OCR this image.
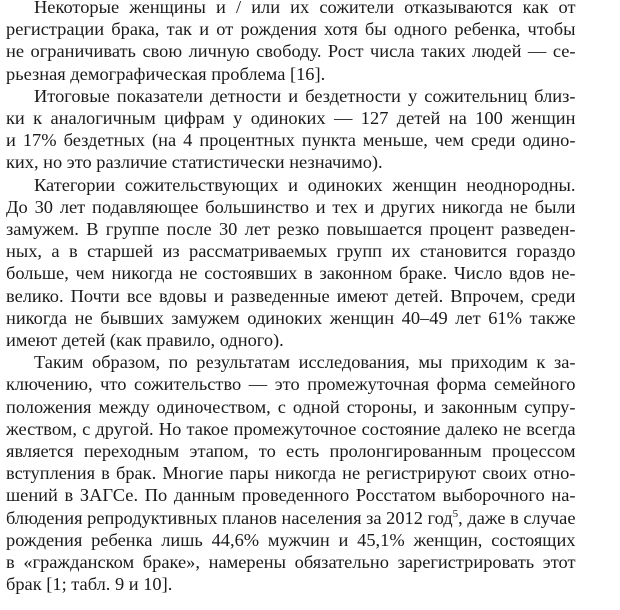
Некоторые женщины и / или их сожители отказываются как от
регистрации брака, так и от рождения хотя бы одного ребенка, чтобы
не ограничивать свою личную свободу. Рост числа таких людей — се-
рьезная демографическая проблема [16].

Итоговые показатели детности и бездетности у сожительниц близ-
ки к аналогичным цифрам у одиноких — 127 детей на 100 женщин
и 17% бездетных (на 4 процентных пункта меньше, чем среди одино-
ких, но это различие статистически незначимо).

Категории сожительствующих и одиноких женщин неоднородны.
До 30 лет подавляющее большинство и тех и других никогда не были
замужем. В группе после 30 лет резко повышается процент разведен-
ных, а в старшей из рассматриваемых групп их становится гораздо
больше, чем никогда не состоявших в законном браке. Число вдов не-
велико. Почти все вдовы и разведенные имеют детей. Впрочем, среди
никогда не бывших замужем одиноких женщин 40–49 лет 61% также
имеют детей (как правило, одного).

Таким образом, по результатам исследования, мы приходим к за-
ключению, что сожительство — это промежуточная форма семейного
положения между одиночеством, с одной стороны, и законным супру-
жеством, с другой. Но такое промежуточное состояние далеко не всегда
является переходным этапом, то есть пролонгированным процессом
вступления в брак. Многие пары никогда не регистрируют своих отно-
шений в ЗАГСе. По данным проведенного Росстатом выборочного на-
блюдения репродуктивных планов населения за 2012 год$^5$, даже в случае
рождения ребенка лишь 44,6% мужчин и 45,1% женщин, состоящих
в «гражданском браке», намерены обязательно зарегистрировать этот
брак [1; табл. 9 и 10].
